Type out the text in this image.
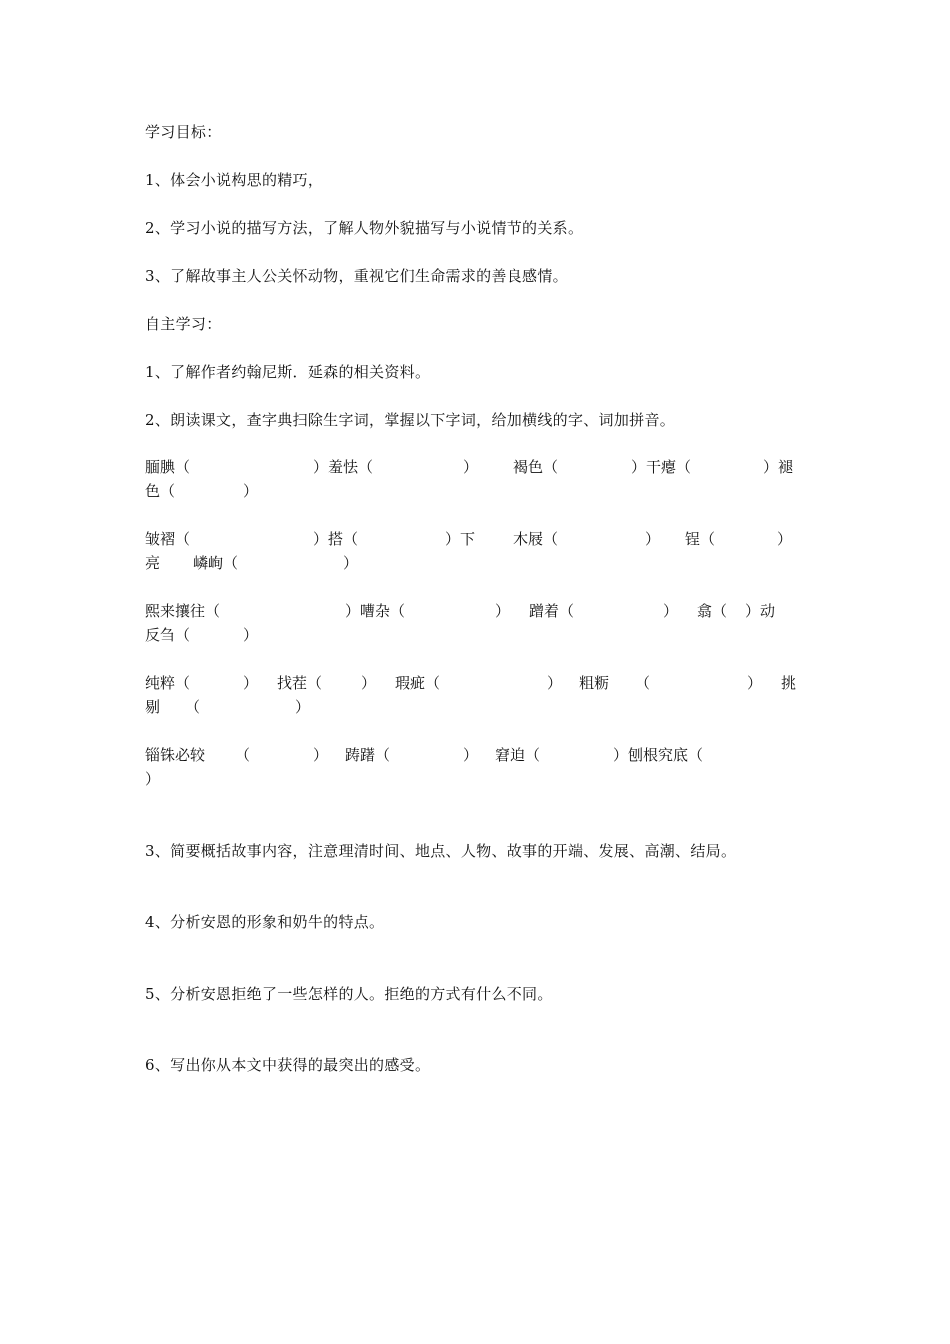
学习目标：
1、体会小说构思的精巧，
2、学习小说的描写方法，了解人物外貌描写与小说情节的关系。
3、了解故事主人公关怀动物，重视它们生命需求的善良感情。
自主学习：
1、了解作者约翰尼斯．延森的相关资料。
2、朗读课文，查字典扫除生字词，掌握以下字词，给加横线的字、词加拼音。
腼腆（	）羞怯（	） 褐色（	）干瘪（	）褪
色（	）
皱褶（	）搭（	）下	木屐（	） 锃（	）
亮 嶙峋（	）
熙来攘往（	）嘈杂（	） 蹭着（	） 翕（ ）动
反刍（	）
纯粹（	） 找茬（	） 瑕疵（	） 粗粝 （	） 挑
剔 （	）
锱铢必较 （	） 踌躇（	） 窘迫（	）刨根究底（
）
3、简要概括故事内容，注意理清时间、地点、人物、故事的开端、发展、高潮、结局。
4、分析安恩的形象和奶牛的特点。
5、分析安恩拒绝了一些怎样的人。拒绝的方式有什么不同。
6、写出你从本文中获得的最突出的感受。
